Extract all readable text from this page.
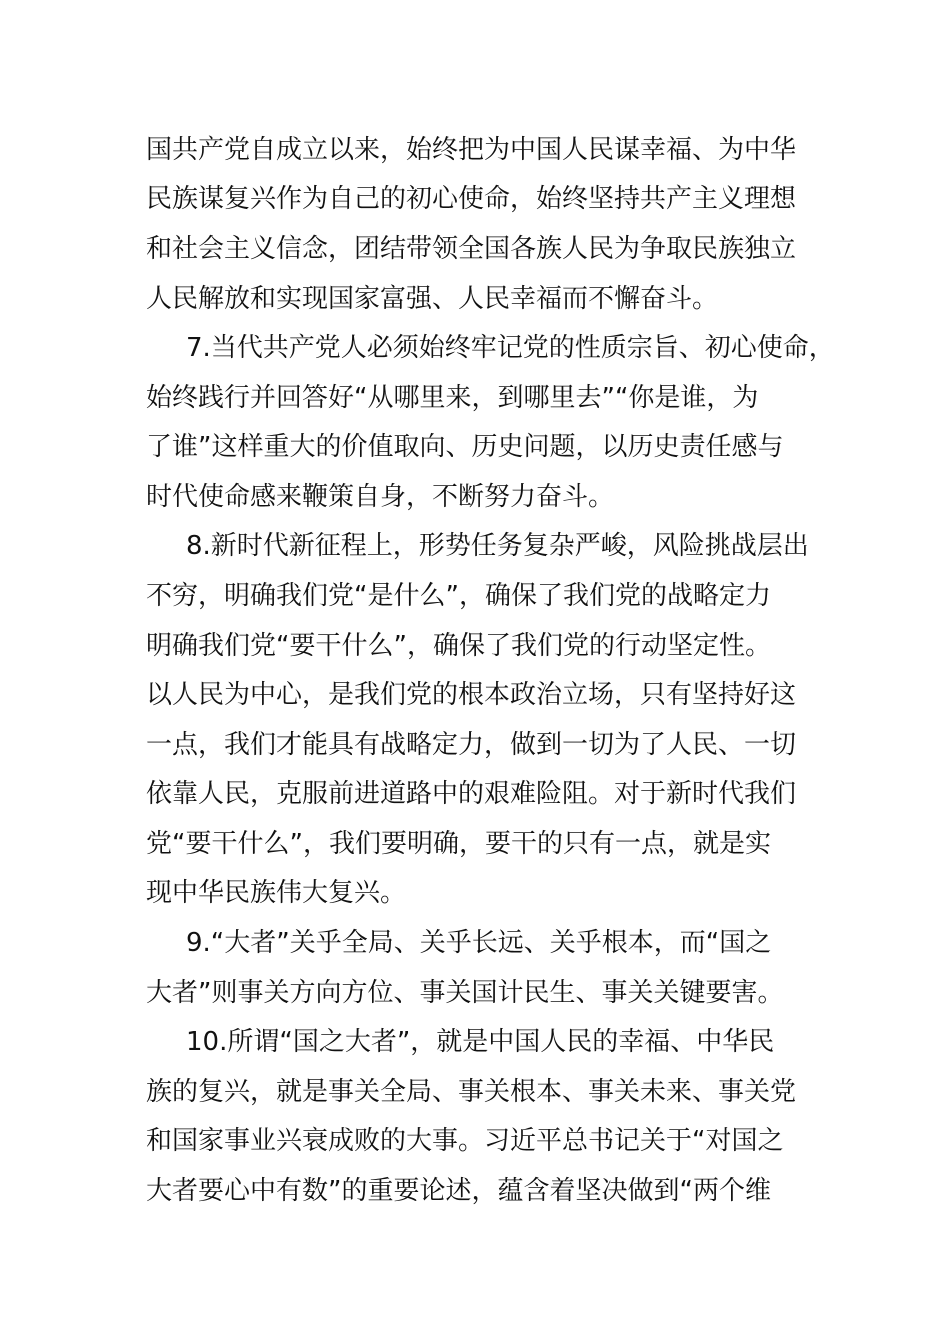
国共产党自成立以来，始终把为中国人民谋幸福、为中华
民族谋复兴作为自己的初心使命，始终坚持共产主义理想
和社会主义信念，团结带领全国各族人民为争取民族独立
人民解放和实现国家富强、人民幸福而不懈奋斗。
7.当代共产党人必须始终牢记党的性质宗旨、初心使命，
始终践行并回答好“从哪里来，到哪里去”“你是谁，为
了谁”这样重大的价值取向、历史问题，以历史责任感与
时代使命感来鞭策自身，不断努力奋斗。
8.新时代新征程上，形势任务复杂严峻，风险挑战层出
不穷，明确我们党“是什么”，确保了我们党的战略定力
明确我们党“要干什么”，确保了我们党的行动坚定性。
以人民为中心，是我们党的根本政治立场，只有坚持好这
一点，我们才能具有战略定力，做到一切为了人民、一切
依靠人民，克服前进道路中的艰难险阻。对于新时代我们
党“要干什么”，我们要明确，要干的只有一点，就是实
现中华民族伟大复兴。
9.“大者”关乎全局、关乎长远、关乎根本，而“国之
大者”则事关方向方位、事关国计民生、事关关键要害。
10.所谓“国之大者”，就是中国人民的幸福、中华民
族的复兴，就是事关全局、事关根本、事关未来、事关党
和国家事业兴衰成败的大事。习近平总书记关于“对国之
大者要心中有数”的重要论述，蕴含着坚决做到“两个维
